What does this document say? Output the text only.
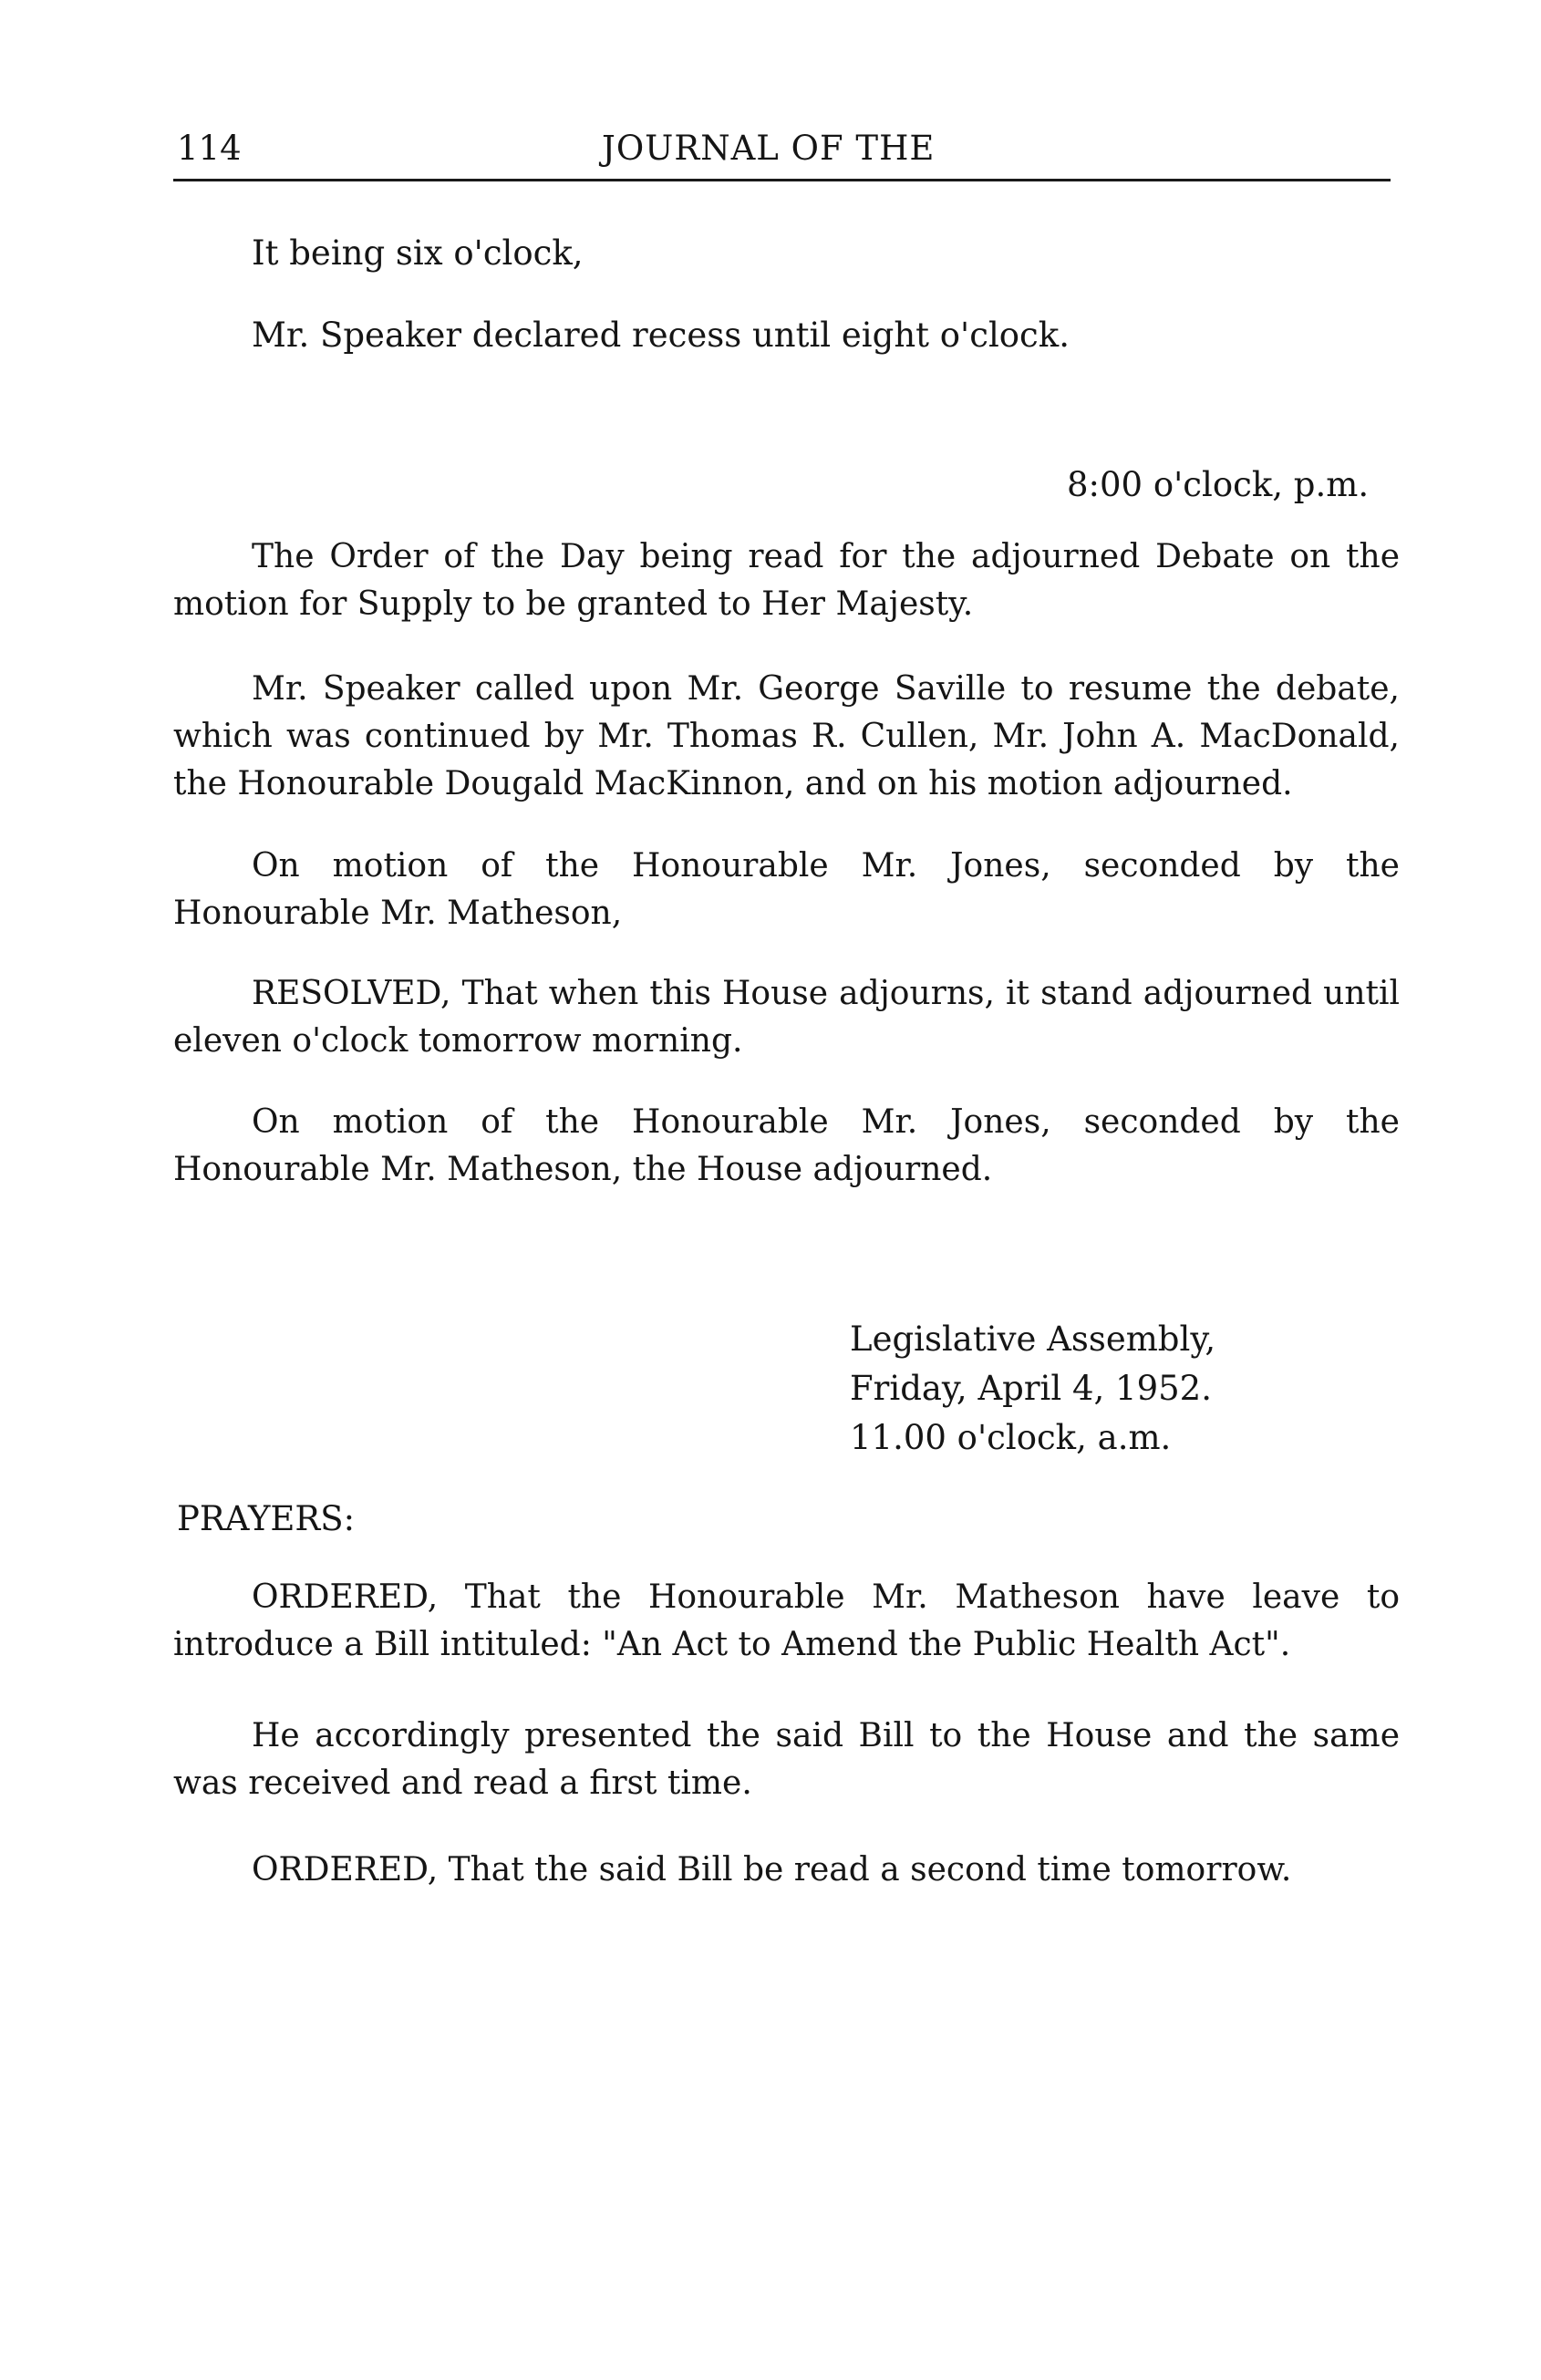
114	JOURNAL OF THE
It being six o'clock,
Mr. Speaker declared recess until eight o'clock.
8:00 o'clock, p.m.
The Order of the Day being read for the adjourned Debate on the motion for Supply to be granted to Her Majesty.
Mr. Speaker called upon Mr. George Saville to resume the debate, which was continued by Mr. Thomas R. Cullen, Mr. John A. MacDonald, the Honourable Dougald MacKinnon, and on his motion adjourned.
On motion of the Honourable Mr. Jones, seconded by the Honourable Mr. Matheson,
RESOLVED, That when this House adjourns, it stand adjourned until eleven o'clock tomorrow morning.
On motion of the Honourable Mr. Jones, seconded by the Honourable Mr. Matheson, the House adjourned.
Legislative Assembly,
Friday, April 4, 1952.
11.00 o'clock, a.m.
PRAYERS:
ORDERED, That the Honourable Mr. Matheson have leave to introduce a Bill intituled: "An Act to Amend the Public Health Act".
He accordingly presented the said Bill to the House and the same was received and read a first time.
ORDERED, That the said Bill be read a second time tomorrow.
